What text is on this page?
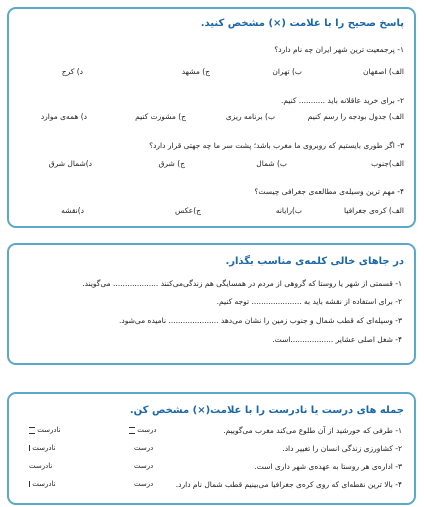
پاسخ صحیح را با علامت (×) مشخص کنید.
۱- پرجمعیت ترین شهر ایران چه نام دارد؟
الف) اصفهان
ب) تهران
ج) مشهد
د) کرج
۲- برای خرید عاقلانه باید ........... کنیم.
الف) جدول بودجه را رسم کنیم
ب) برنامه ریزی
ج) مشورت کنیم
د) همه‌ی موارد
۳- اگر طوری بایستیم که روبروی ما مغرب باشد؛ پشت سر ما چه جهتی قرار دارد؟
الف)جنوب
ب) شمال
ج) شرق
د)شمال شرق
۴- مهم ترین وسیله‌ی مطالعه‌ی جغرافی چیست؟
الف) کره‌ی جغرافیا
ب)رایانه
ج)عکس
د)نقشه
در جاهای خالی کلمه‌ی مناسب بگذار.
۱- قسمتی از شهر یا روستا که گروهی از مردم در همسایگی هم زندگی‌می‌کنند ................... می‌گویند.
۲- برای استفاده از نقشه باید به ..................... توجه کنیم.
۳- وسیله‌ای که قطب شمال و جنوب زمین را نشان می‌دهد ..................... نامیده می‌شود.
۴- شغل اصلی عشایر ..................است.
جمله های درست یا نادرست را با علامت(×) مشخص کن.
۱- طرفی که خورشید از آن طلوع می‌کند مغرب می‌گوییم.
درست
نادرست
۲- کشاورزی زندگی انسان را تغییر داد.
درست
نادرست
۳- اداره‌ی هر روستا به عهده‌ی شهر داری است.
درست
نادرست
۴- بالا ترین نقطه‌ای که روی کره‌ی جغرافیا می‌بینیم قطب شمال نام دارد.
درست
نادرست
